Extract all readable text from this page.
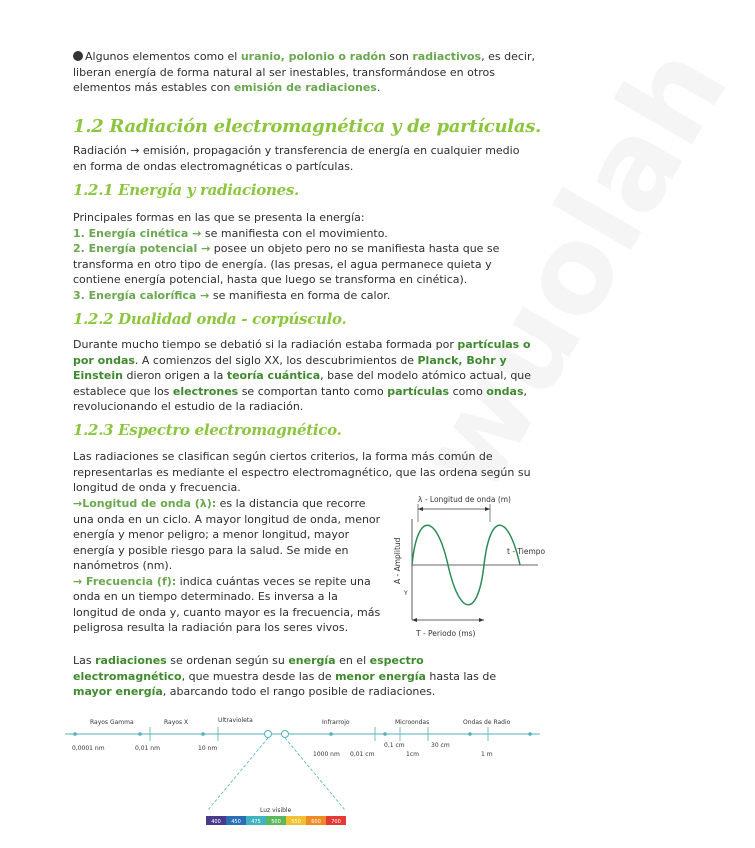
Algunos elementos como el uranio, polonio o radón son radiactivos, es decir, liberan energía de forma natural al ser inestables, transformándose en otros elementos más estables con emisión de radiaciones.
1.2 Radiación electromagnética y de partículas.
Radiación → emisión, propagación y transferencia de energía en cualquier medio en forma de ondas electromagnéticas o partículas.
1.2.1 Energía y radiaciones.
Principales formas en las que se presenta la energía:
1. Energía cinética → se manifiesta con el movimiento.
2. Energía potencial → posee un objeto pero no se manifiesta hasta que se transforma en otro tipo de energía. (las presas, el agua permanece quieta y contiene energía potencial, hasta que luego se transforma en cinética).
3. Energía calorífica → se manifiesta en forma de calor.
1.2.2 Dualidad onda - corpúsculo.
Durante mucho tiempo se debatió si la radiación estaba formada por partículas o por ondas. A comienzos del siglo XX, los descubrimientos de Planck, Bohr y Einstein dieron origen a la teoría cuántica, base del modelo atómico actual, que establece que los electrones se comportan tanto como partículas como ondas, revolucionando el estudio de la radiación.
1.2.3 Espectro electromagnético.
Las radiaciones se clasifican según ciertos criterios, la forma más común de representarlas es mediante el espectro electromagnético, que las ordena según su longitud de onda y frecuencia.
→Longitud de onda (λ): es la distancia que recorre una onda en un ciclo. A mayor longitud de onda, menor energía y menor peligro; a menor longitud, mayor energía y posible riesgo para la salud. Se mide en nanómetros (nm).
→ Frecuencia (f): indica cuántas veces se repite una onda en un tiempo determinado. Es inversa a la longitud de onda y, cuanto mayor es la frecuencia, más peligrosa resulta la radiación para los seres vivos.
λ - Longitud de onda (m)
t - Tiempo
A - Amplitud
Y
T - Periodo (ms)
Las radiaciones se ordenan según su energía en el espectro electromagnético, que muestra desde las de menor energía hasta las de mayor energía, abarcando todo el rango posible de radiaciones.
Rayos Gamma	Rayos X	Ultravioleta	Infrarrojo	Microondas	Ondas de Radio
0,0001 nm	0,01 nm	10 nm
1000 nm 0,01 cm
0,1 cm
1cm
30 cm
1 m
Luz visible
400 450 475 500 550 600 700
